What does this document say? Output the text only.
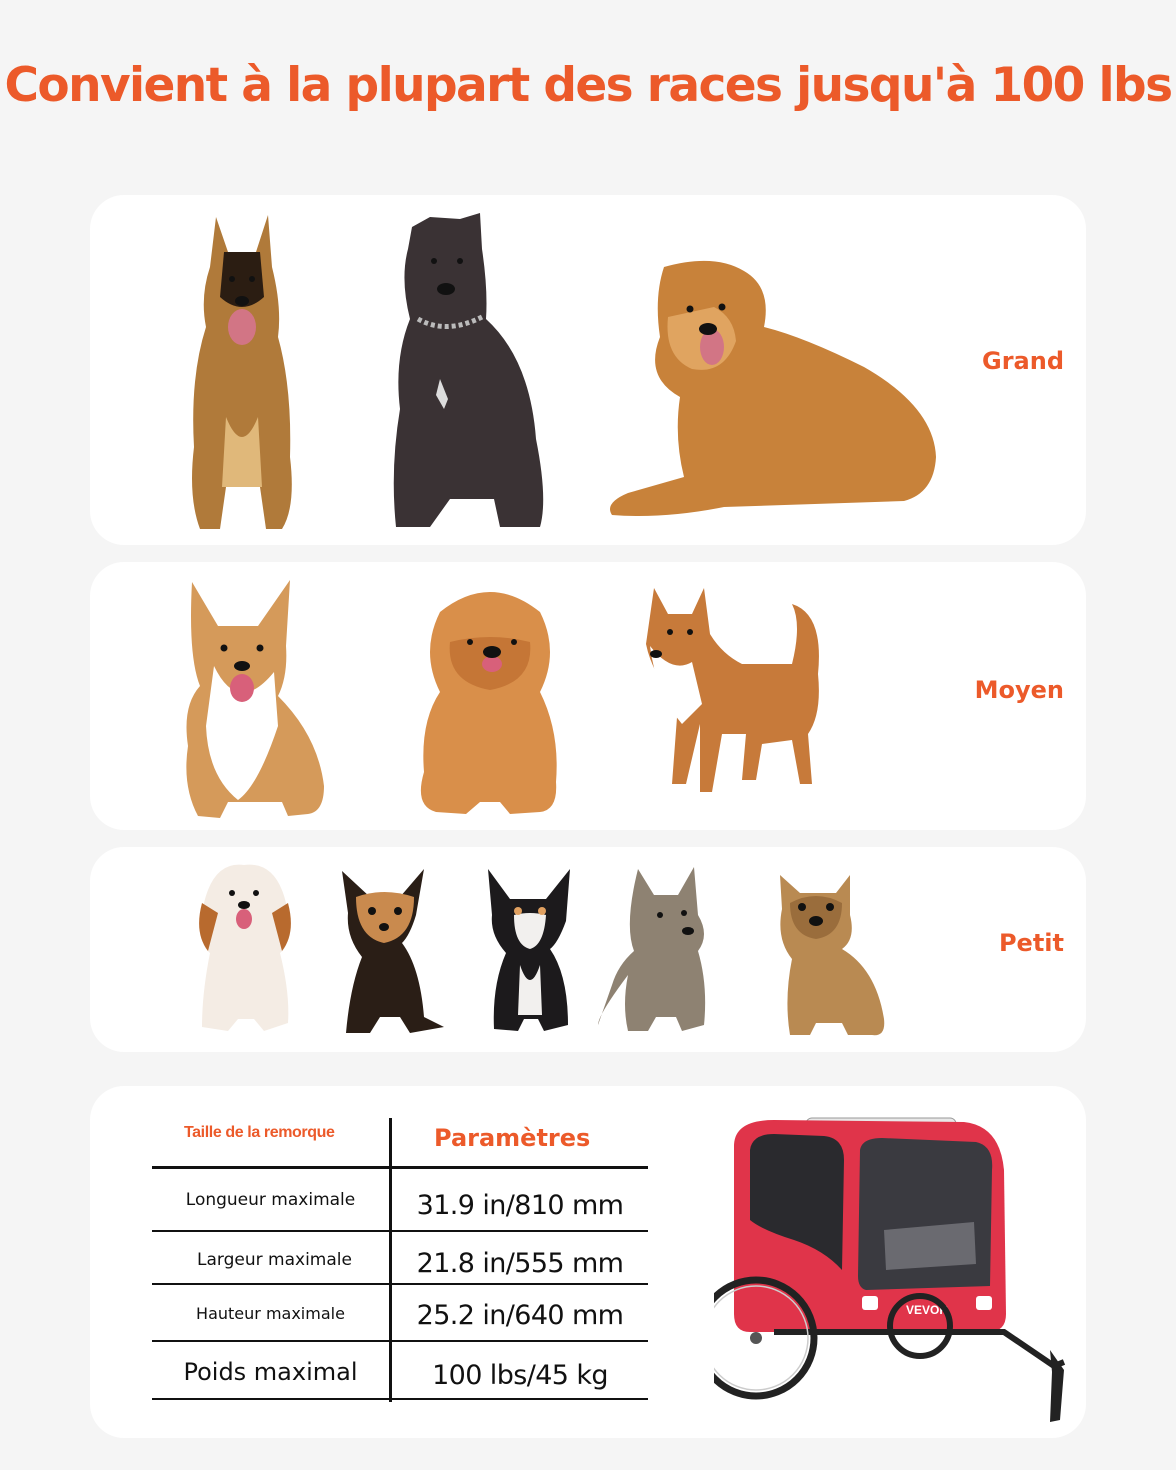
Convient à la plupart des races jusqu'à 100 lbs
Grand
Moyen
Petit
Taille de la remorque	Paramètres
Longueur maximale	31.9 in/810 mm
Largeur maximale	21.8 in/555 mm
Hauteur maximale	25.2 in/640 mm
Poids maximal	100 lbs/45 kg
VEVOR
